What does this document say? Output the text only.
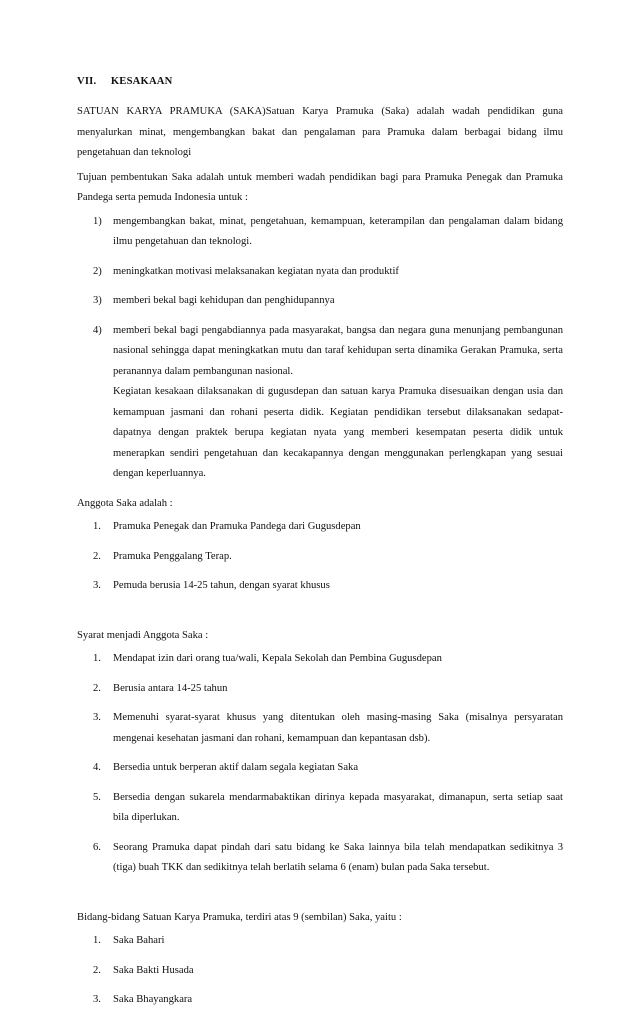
VII. KESAKAAN

SATUAN KARYA PRAMUKA (SAKA)Satuan Karya Pramuka (Saka) adalah wadah pendidikan guna menyalurkan minat, mengembangkan bakat dan pengalaman para Pramuka dalam berbagai bidang ilmu pengetahuan dan teknologi

Tujuan pembentukan Saka adalah untuk memberi wadah pendidikan bagi para Pramuka Penegak dan Pramuka Pandega serta pemuda Indonesia untuk :

1) mengembangkan bakat, minat, pengetahuan, kemampuan, keterampilan dan pengalaman dalam bidang ilmu pengetahuan dan teknologi.
2) meningkatkan motivasi melaksanakan kegiatan nyata dan produktif
3) memberi bekal bagi kehidupan dan penghidupannya
4) memberi bekal bagi pengabdiannya pada masyarakat, bangsa dan negara guna menunjang pembangunan nasional sehingga dapat meningkatkan mutu dan taraf kehidupan serta dinamika Gerakan Pramuka, serta peranannya dalam pembangunan nasional.
Kegiatan kesakaan dilaksanakan di gugusdepan dan satuan karya Pramuka disesuaikan dengan usia dan kemampuan jasmani dan rohani peserta didik. Kegiatan pendidikan tersebut dilaksanakan sedapat-dapatnya dengan praktek berupa kegiatan nyata yang memberi kesempatan peserta didik untuk menerapkan sendiri pengetahuan dan kecakapannya dengan menggunakan perlengkapan yang sesuai dengan keperluannya.

Anggota Saka adalah :

1. Pramuka Penegak dan Pramuka Pandega dari Gugusdepan
2. Pramuka Penggalang Terap.
3. Pemuda berusia 14-25 tahun, dengan syarat khusus

Syarat menjadi Anggota Saka :

1. Mendapat izin dari orang tua/wali, Kepala Sekolah dan Pembina Gugusdepan
2. Berusia antara 14-25 tahun
3. Memenuhi syarat-syarat khusus yang ditentukan oleh masing-masing Saka (misalnya persyaratan mengenai kesehatan jasmani dan rohani, kemampuan dan kepantasan dsb).
4. Bersedia untuk berperan aktif dalam segala kegiatan Saka
5. Bersedia dengan sukarela mendarmabaktikan dirinya kepada masyarakat, dimanapun, serta setiap saat bila diperlukan.
6. Seorang Pramuka dapat pindah dari satu bidang ke Saka lainnya bila telah mendapatkan sedikitnya 3 (tiga) buah TKK dan sedikitnya telah berlatih selama 6 (enam) bulan pada Saka tersebut.

Bidang-bidang Satuan Karya Pramuka, terdiri atas 9 (sembilan) Saka, yaitu :

1. Saka Bahari
2. Saka Bakti Husada
3. Saka Bhayangkara
